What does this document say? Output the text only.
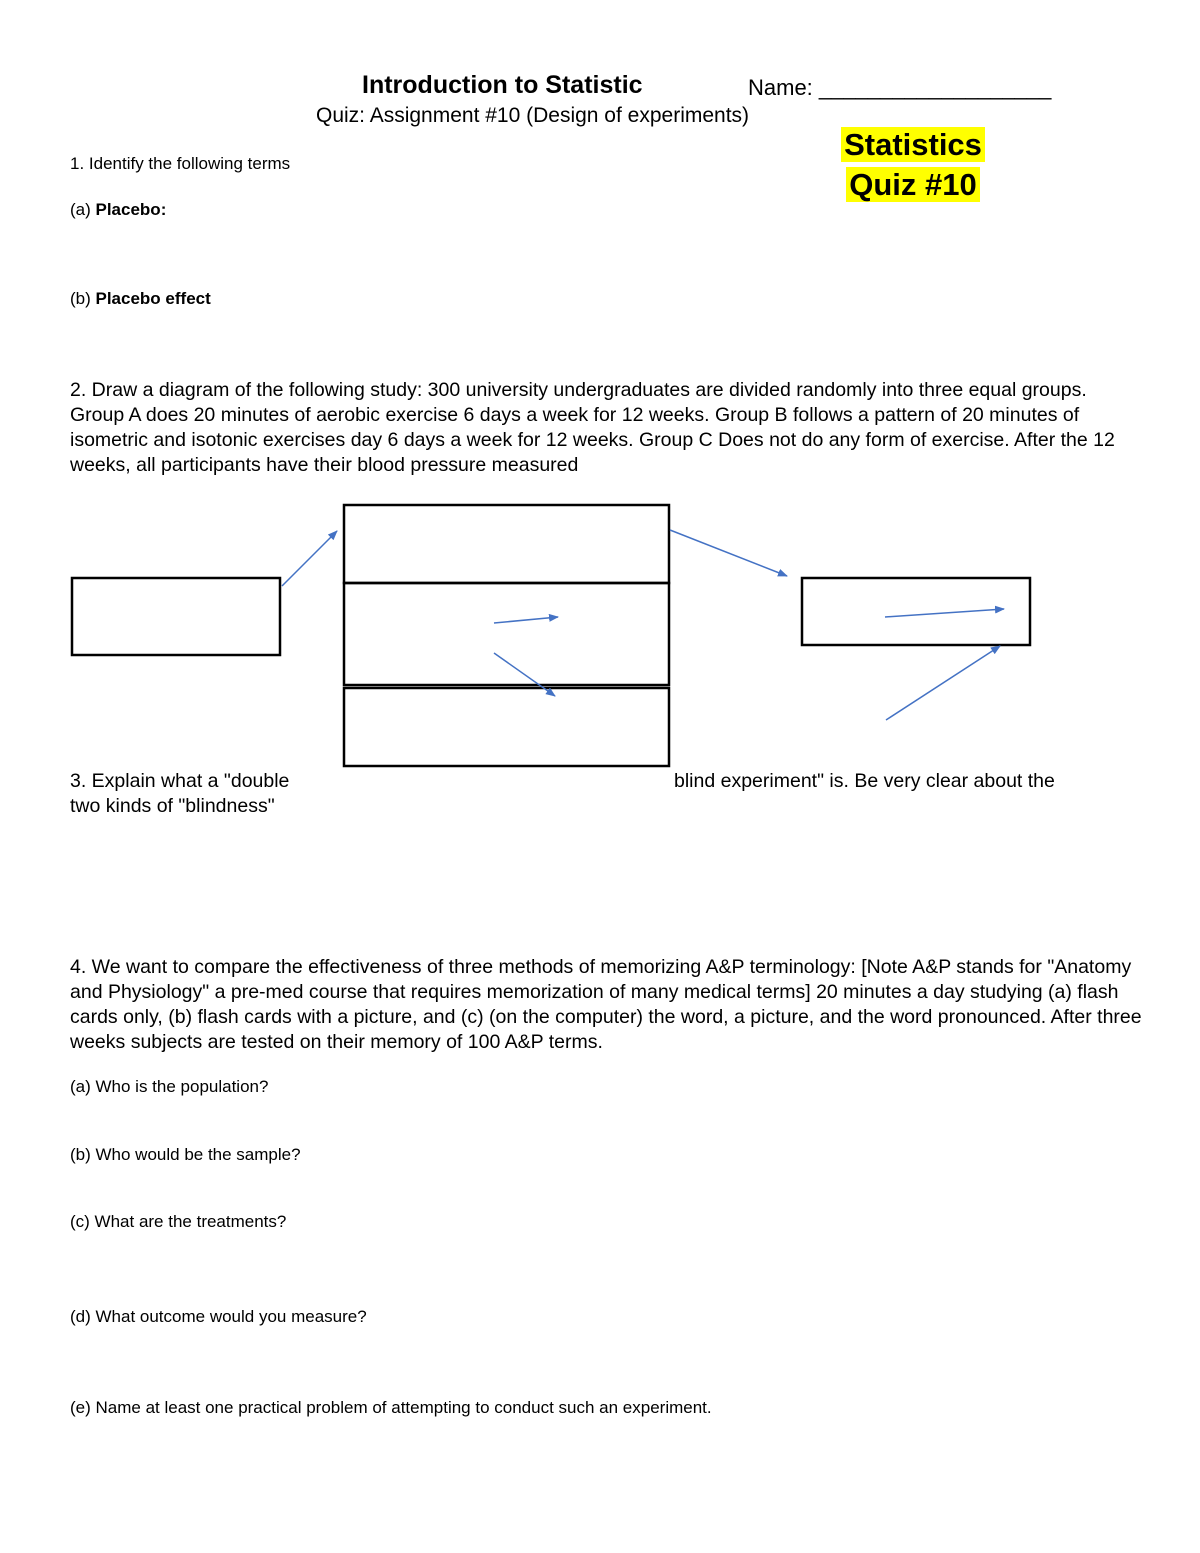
Introduction to Statistic	Name: ___________________
Quiz: Assignment #10 (Design of experiments)
Statistics
Quiz #10
1. Identify the following terms
(a) Placebo:
(b) Placebo effect
2. Draw a diagram of the following study: 300 university undergraduates are divided randomly into three equal groups. Group A does 20 minutes of aerobic exercise 6 days a week for 12 weeks. Group B follows a pattern of 20 minutes of isometric and isotonic exercises day 6 days a week for 12 weeks. Group C Does not do any form of exercise. After the 12 weeks, all participants have their blood pressure measured
3. Explain what a "double	blind experiment" is. Be very clear about the
two kinds of "blindness"
4. We want to compare the effectiveness of three methods of memorizing A&P terminology: [Note A&P stands for "Anatomy and Physiology" a pre-med course that requires memorization of many medical terms] 20 minutes a day studying (a) flash cards only, (b) flash cards with a picture, and (c) (on the computer) the word, a picture, and the word pronounced. After three weeks subjects are tested on their memory of 100 A&P terms.
(a) Who is the population?
(b) Who would be the sample?
(c) What are the treatments?
(d) What outcome would you measure?
(e) Name at least one practical problem of attempting to conduct such an experiment.
